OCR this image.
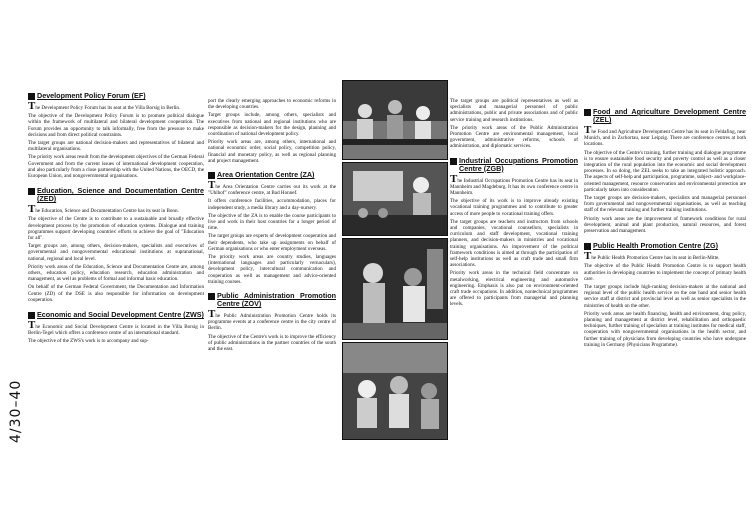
Development Policy Forum (EF)

The Development Policy Forum has its seat at the Villa Borsig in Berlin.

The objective of the Development Policy Forum is to promote political dialogue within the framework of multilateral and bilateral development cooperation. The Forum provides an opportunity to talk informally, free from the pressure to make decisions and from direct political constraints.

The target groups are national decision-makers and representatives of bilateral and multilateral organisations.

The priority work areas result from the development objectives of the German Federal Government and from the current issues of international development cooperation, and also particularly from a close partnership with the United Nations, the OECD, the European Union, and nongovernmental organisations.

Education, Science and Documentation Centre (ZED)

The Education, Science and Documentation Centre has its seat in Bonn.

The objective of the Centre is to contribute to a sustainable and broadly effective development process by the promotion of education systems. Dialogue and training programmes support developing countries' efforts to achieve the goal of "Education for all".

Target groups are, among others, decision-makers, specialists and executives of governmental and nongovernmental educational institutions at supranational, national, regional and local level.

Priority work areas of the Education, Science and Documentation Centre are, among others, education policy, education research, education administration and management, as well as problems of formal and informal basic education.

On behalf of the German Federal Government, the Documentation and Information Centre (ZD) of the DSE is also responsible for information on development cooperation.

Economic and Social Development Centre (ZWS)

The Economic and Social Development Centre is located in the Villa Borsig in Berlin-Tegel which offers a conference centre of an international standard.

The objective of the ZWS's work is to accompany and sup-

port the clearly emerging approaches to economic reforms in the developing countries.

Target groups include, among others, specialists and executives from national and regional institutions who are responsible as decision-makers for the design, planning and coordination of national development policy.

Priority work areas are, among others, international and national economic order, social policy, competition policy, financial and monetary policy, as well as regional planning and project management.

Area Orientation Centre (ZA)

The Area Orientation Centre carries out its work at the "Uhlhof" conference centre, at Bad Honnef.

It offers conference facilities, accommodation, places for independent study, a media library and a day-nursery.

The objective of the ZA is to enable the course participants to live and work in their host countries for a longer period of time.

The target groups are experts of development cooperation and their dependents, who take up assignments on behalf of German organisations or who enter employment overseas.

The priority work areas are country studies, languages (international languages and particularly vernaculars), development policy, intercultural communication and cooperation as well as management and advice-oriented training courses.

Public Administration Promotion Centre (ZÖV)

The Public Administration Promotion Centre holds its programme events at a conference centre in the city centre of Berlin.

The objective of the Centre's work is to improve the efficiency of public administrations in the partner countries of the south and the east.

The target groups are political representatives as well as specialists and managerial personnel of public administrations, public and private associations and of public service training and research institutions.

The priority work areas of the Public Administration Promotion Centre are environmental management, local government, administrative reforms, schools of administration, and diplomatic services.

Industrial Occupations Promotion Centre (ZGB)

The Industrial Occupations Promotion Centre has its seat in Mannheim and Magdeburg. It has its own conference centre in Mannheim.

The objective of its work is to improve already existing vocational training programmes and to contribute to greater access of more people to vocational training offers.

The target groups are teachers and instructors from schools and companies, vocational counsellors, specialists in curriculum and staff development, vocational training planners, and decision-makers in ministries and vocational training organisations. An improvement of the political framework conditions is aimed at through the participation of self-help institutions as well as craft trade and small firm associations.

Priority work areas in the technical field concentrate on metalworking, electrical engineering and automotive engineering. Emphasis is also put on environment-oriented craft trade occupations. In addition, nontechnical programmes are offered to participants from managerial and planning levels.

Food and Agriculture Development Centre (ZEL)

The Food and Agriculture Development Centre has its seat in Feldafing, near Munich, and in Zschortau, near Leipzig. There are conference centres at both locations.

The objective of the Centre's training, further training and dialogue programme is to ensure sustainable food security and poverty control as well as a closer integration of the rural population into the economic and social development processes. In so doing, the ZEL seeks to take an integrated holistic approach. The aspects of self-help and participation, programme, subject- and workplace-oriented management, resource conservation and environmental protection are particularly taken into consideration.

The target groups are decision-makers, specialists and managerial personnel from governmental and nongovernmental organisations, as well as teaching staff of the relevant training and further training institutions.

Priority work areas are the improvement of framework conditions for rural development, animal and plant production, natural resources, and forest preservation and management.

Public Health Promotion Centre (ZG)

The Public Health Promotion Centre has its seat in Berlin-Mitte.

The objective of the Public Health Promotion Centre is to support health authorities in developing countries to implement the concept of primary health care.

The target groups include high-ranking decision-makers at the national and regional level of the public health service on the one hand and senior health service staff at district and provincial level as well as senior specialists in the ministries of health on the other.

Priority work areas are health financing, health and environment, drug policy, planning and management at district level, rehabilitation and orthopaedic techniques, further training of specialists at training institutes for medical staff, cooperation with nongovernmental organisations in the health sector, and further training of physicians from developing countries who have undergone training in Germany (Physicians Programme).

4/30–40
